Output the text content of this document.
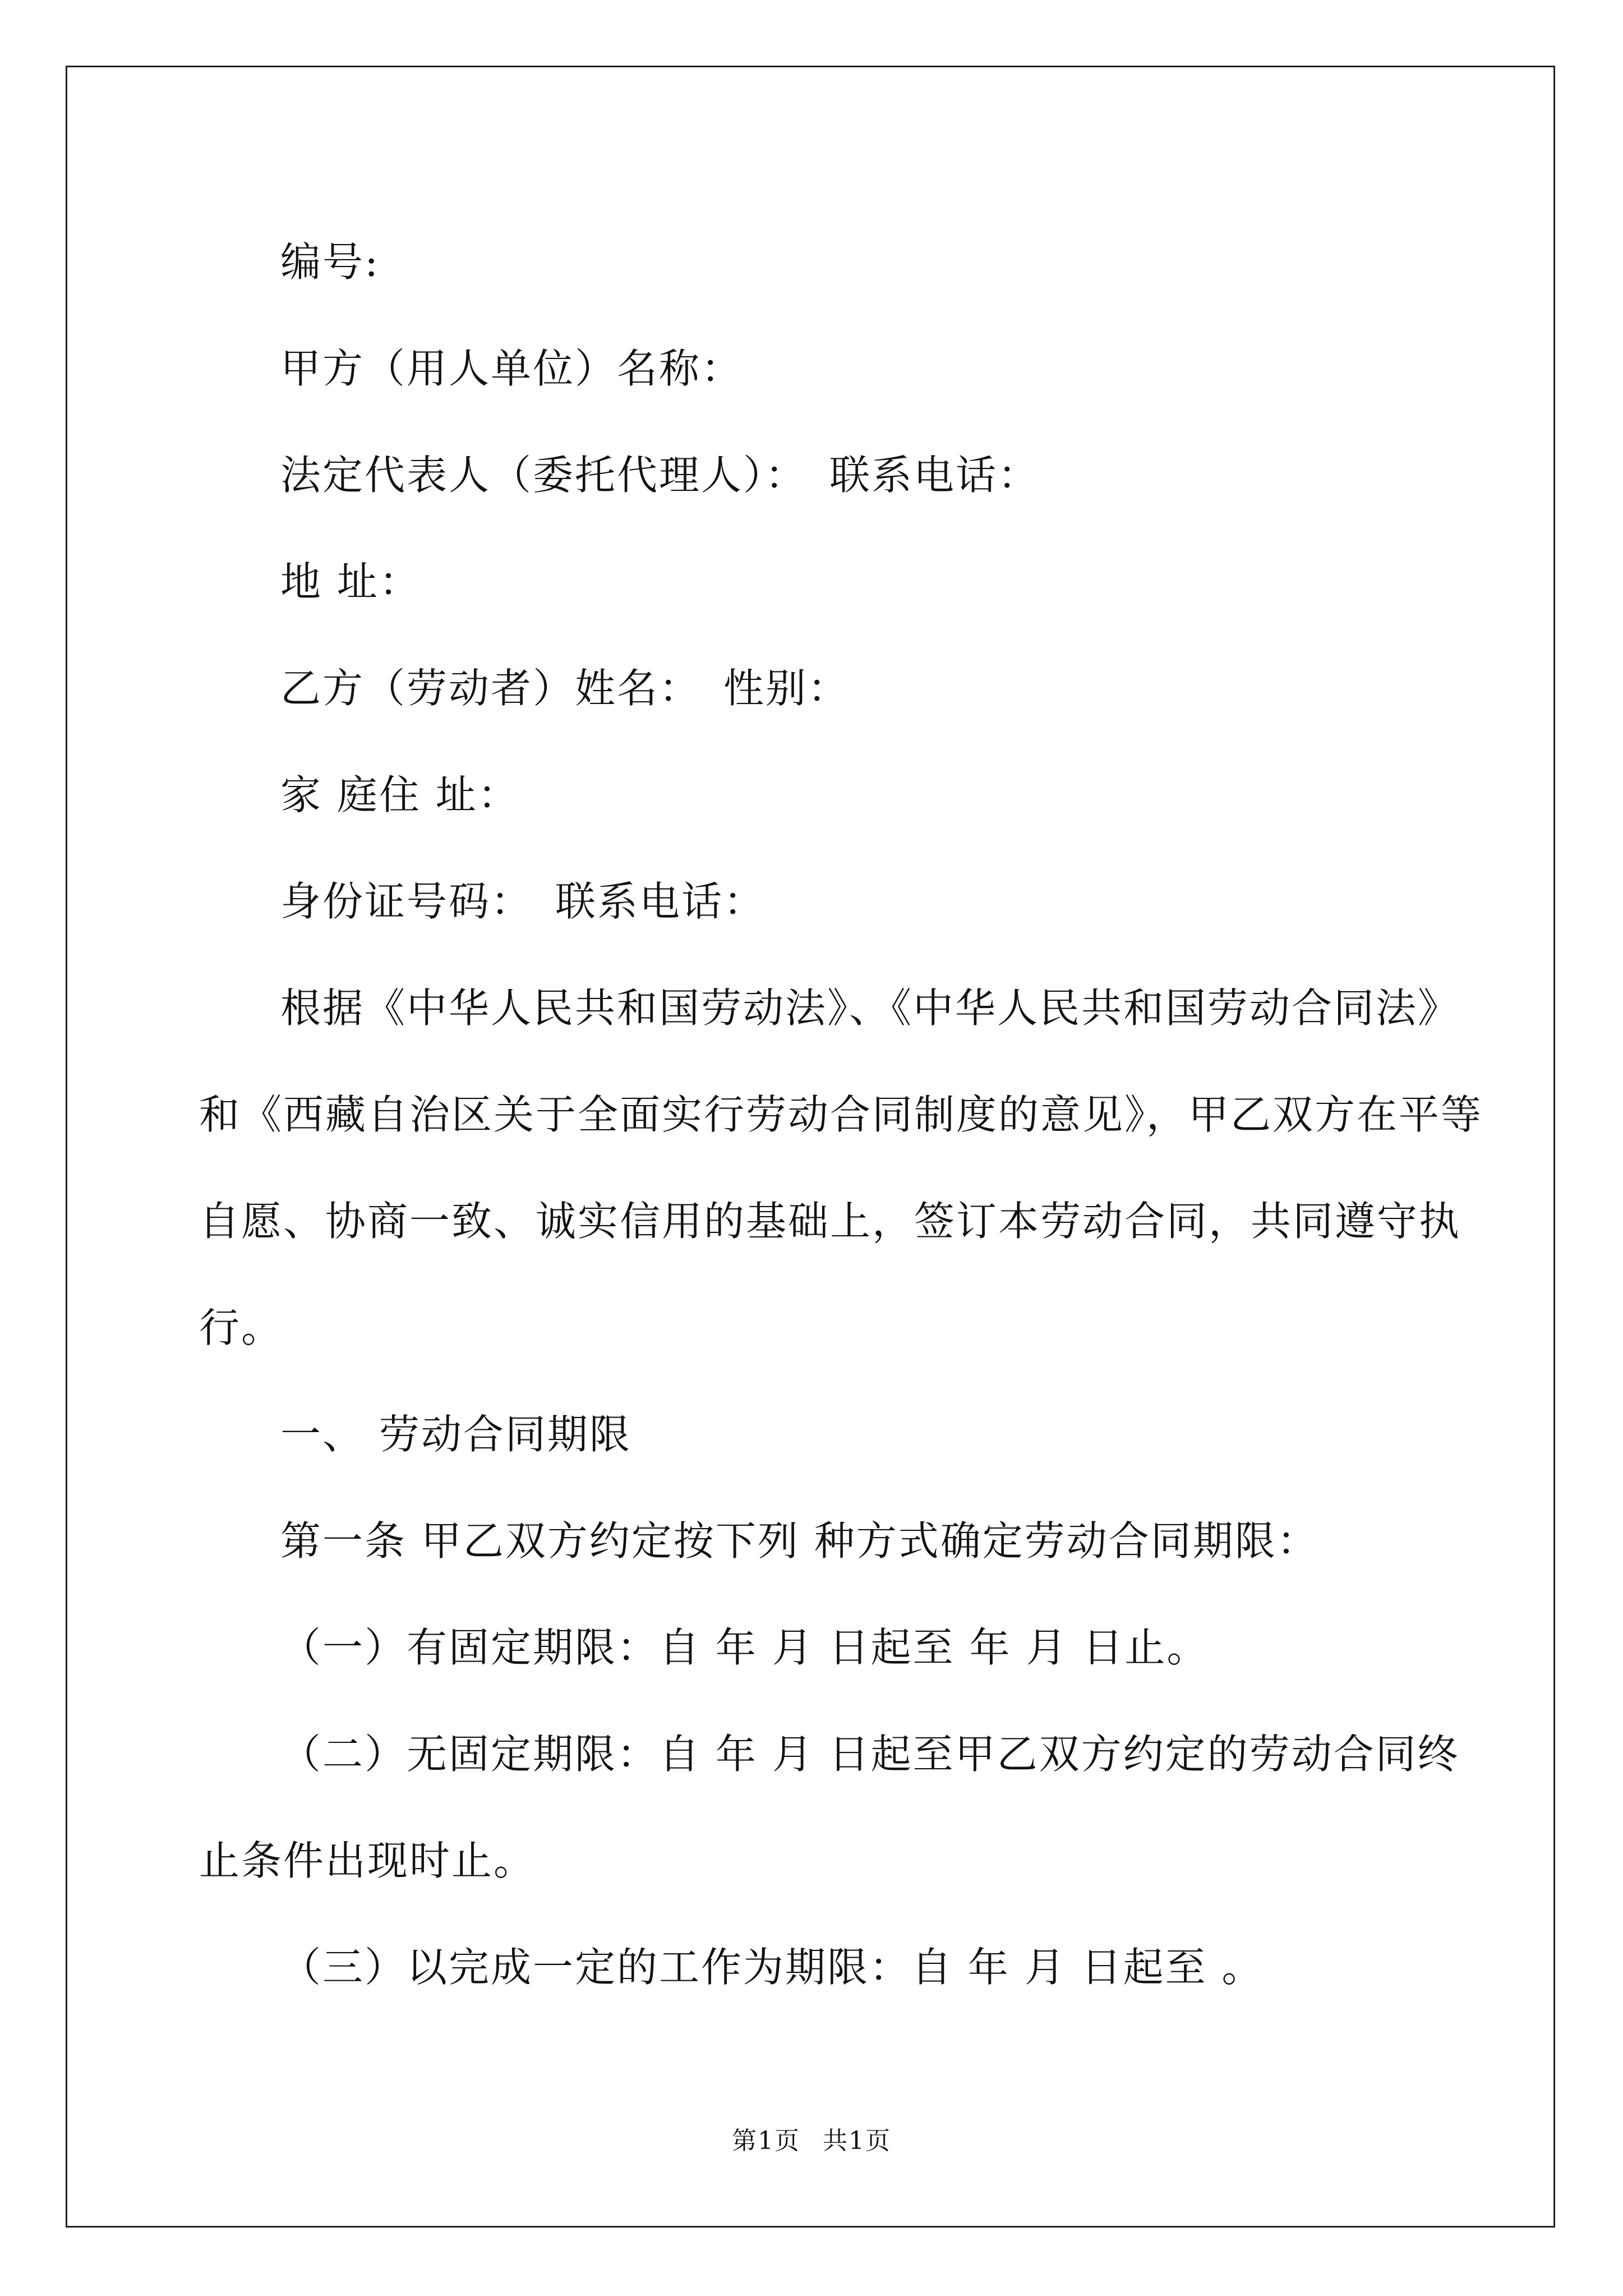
编号:
甲方（用人单位）名称：
法定代表人（委托代理人）： 联系电话：
地 址：
乙方（劳动者）姓名： 性别：
家 庭住 址：
身份证号码： 联系电话：
根据《中华人民共和国劳动法》、《中华人民共和国劳动合同法》
和《西藏自治区关于全面实行劳动合同制度的意见》，甲乙双方在平等
自愿、协商一致、诚实信用的基础上，签订本劳动合同，共同遵守执
行。
一、 劳动合同期限
第一条 甲乙双方约定按下列 种方式确定劳动合同期限：
（一）有固定期限：自 年 月 日起至 年 月 日止。
（二）无固定期限：自 年 月 日起至甲乙双方约定的劳动合同终
止条件出现时止。
（三）以完成一定的工作为期限：自 年 月 日起至 。
第1页 共1页
